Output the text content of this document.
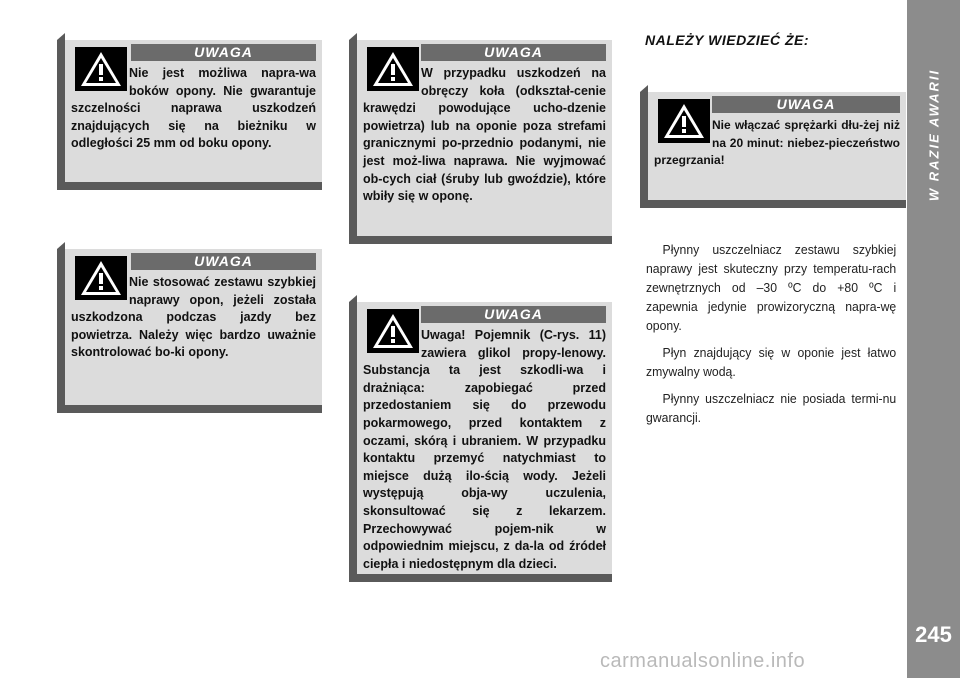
W RAZIE AWARII
245
UWAGA
Nie jest możliwa napra-wa boków opony. Nie gwarantuje szczelności naprawa uszkodzeń znajdujących się na bieżniku w odległości 25 mm od boku opony.
UWAGA
Nie stosować zestawu szybkiej naprawy opon, jeżeli została uszkodzona podczas jazdy bez powietrza. Należy więc bardzo uważnie skontrolować bo-ki opony.
UWAGA
W przypadku uszkodzeń na obręczy koła (odkształ-cenie krawędzi powodujące ucho-dzenie powietrza) lub na oponie poza strefami granicznymi po-przednio podanymi, nie jest moż-liwa naprawa. Nie wyjmować ob-cych ciał (śruby lub gwoździe), które wbiły się w oponę.
UWAGA
Uwaga! Pojemnik (C-rys. 11) zawiera glikol propy-lenowy. Substancja ta jest szkodli-wa i drażniąca: zapobiegać przed przedostaniem się do przewodu pokarmowego, przed kontaktem z oczami, skórą i ubraniem. W przypadku kontaktu przemyć natychmiast to miejsce dużą ilo-ścią wody. Jeżeli występują obja-wy uczulenia, skonsultować się z lekarzem. Przechowywać pojem-nik w odpowiednim miejscu, z da-la od źródeł ciepła i niedostępnym dla dzieci.
NALEŻY WIEDZIEĆ ŻE:
UWAGA
Nie włączać sprężarki dłu-żej niż na 20 minut: niebez-pieczeństwo przegrzania!

Płynny uszczelniacz zestawu szybkiej naprawy jest skuteczny przy temperatu-rach zewnętrznych od –30 ºC do +80 ºC i zapewnia jedynie prowizoryczną napra-wę opony.

Płyn znajdujący się w oponie jest łatwo zmywalny wodą.

Płynny uszczelniacz nie posiada termi-nu gwarancji.

carmanualsonline.info
